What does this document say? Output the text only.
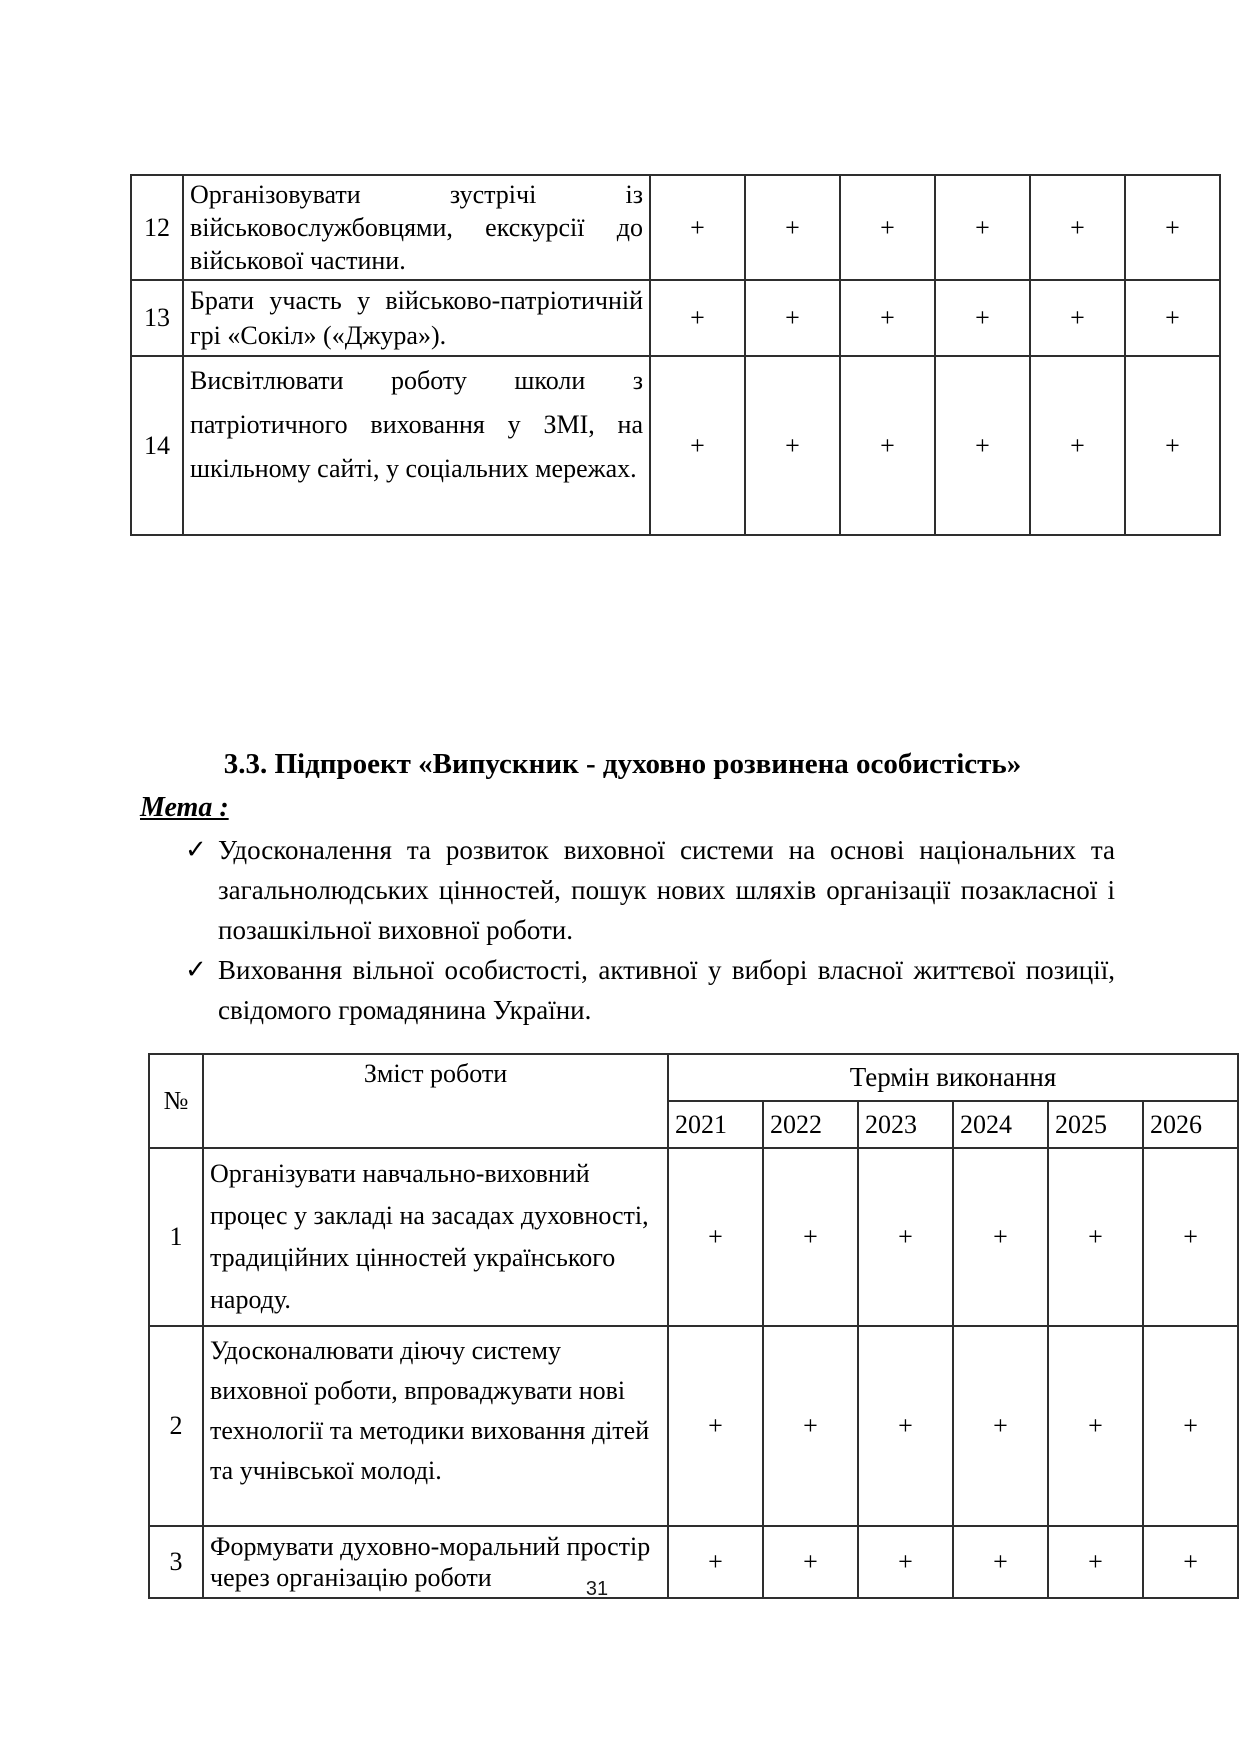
12	Організовувати зустрічі із військовослужбовцями, екскурсії до військової частини.	+	+	+	+	+	+
13	Брати участь у військово-патріотичній грі «Сокіл» («Джура»).	+	+	+	+	+	+
14	Висвітлювати роботу школи з патріотичного виховання у ЗМІ, на шкільному сайті, у соціальних мережах.	+	+	+	+	+	+
3.3. Підпроект «Випускник - духовно розвинена особистість»
Мета :
✓ Удосконалення та розвиток виховної системи на основі національних та загальнолюдських цінностей, пошук нових шляхів організації позакласної і позашкільної виховної роботи.
✓ Виховання вільної особистості, активної у виборі власної життєвої позиції, свідомого громадянина України.
№	Зміст роботи	Термін виконання					
		2021	2022	2023	2024	2025	2026
1	Організувати навчально-виховний процес у закладі на засадах духовності, традиційних цінностей українського народу.	+	+	+	+	+	+
2	Удосконалювати діючу систему виховної роботи, впроваджувати нові технології та методики виховання дітей та учнівської молоді.	+	+	+	+	+	+
3	Формувати духовно-моральний простір через організацію роботи	+	+	+	+	+	+
31
